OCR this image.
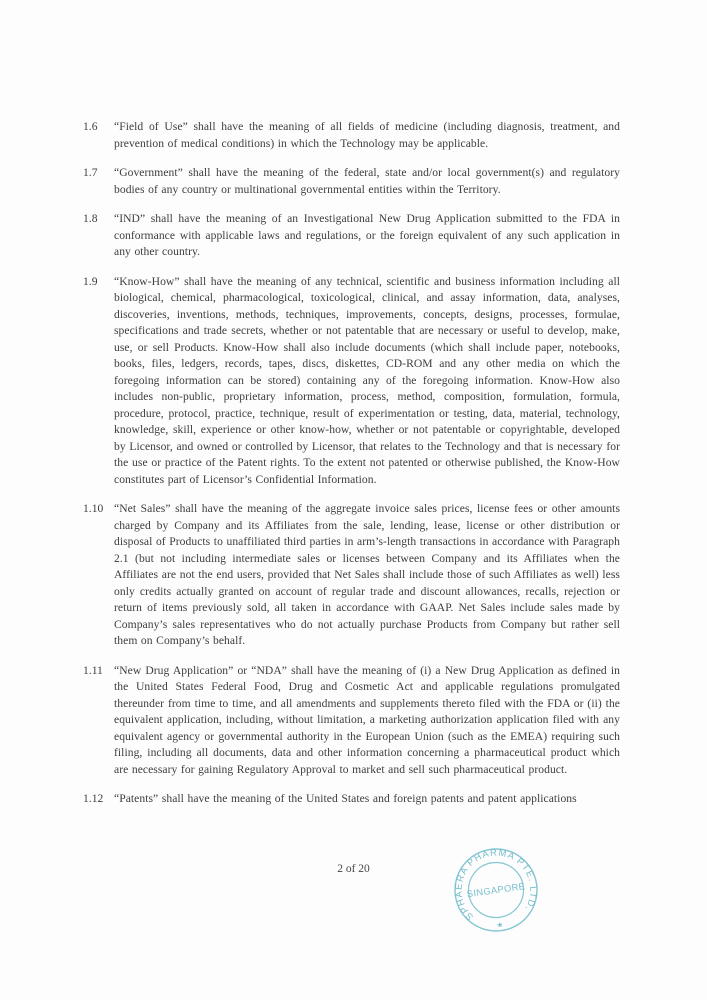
1.6	“Field of Use” shall have the meaning of all fields of medicine (including diagnosis, treatment, and prevention of medical conditions) in which the Technology may be applicable.
1.7	“Government” shall have the meaning of the federal, state and/or local government(s) and regulatory bodies of any country or multinational governmental entities within the Territory.
1.8	“IND” shall have the meaning of an Investigational New Drug Application submitted to the FDA in conformance with applicable laws and regulations, or the foreign equivalent of any such application in any other country.
1.9	“Know-How” shall have the meaning of any technical, scientific and business information including all biological, chemical, pharmacological, toxicological, clinical, and assay information, data, analyses, discoveries, inventions, methods, techniques, improvements, concepts, designs, processes, formulae, specifications and trade secrets, whether or not patentable that are necessary or useful to develop, make, use, or sell Products. Know-How shall also include documents (which shall include paper, notebooks, books, files, ledgers, records, tapes, discs, diskettes, CD-ROM and any other media on which the foregoing information can be stored) containing any of the foregoing information. Know-How also includes non-public, proprietary information, process, method, composition, formulation, formula, procedure, protocol, practice, technique, result of experimentation or testing, data, material, technology, knowledge, skill, experience or other know-how, whether or not patentable or copyrightable, developed by Licensor, and owned or controlled by Licensor, that relates to the Technology and that is necessary for the use or practice of the Patent rights. To the extent not patented or otherwise published, the Know-How constitutes part of Licensor’s Confidential Information.
1.10 “Net Sales” shall have the meaning of the aggregate invoice sales prices, license fees or other amounts charged by Company and its Affiliates from the sale, lending, lease, license or other distribution or disposal of Products to unaffiliated third parties in arm’s-length transactions in accordance with Paragraph 2.1 (but not including intermediate sales or licenses between Company and its Affiliates when the Affiliates are not the end users, provided that Net Sales shall include those of such Affiliates as well) less only credits actually granted on account of regular trade and discount allowances, recalls, rejection or return of items previously sold, all taken in accordance with GAAP. Net Sales include sales made by Company’s sales representatives who do not actually purchase Products from Company but rather sell them on Company’s behalf.
1.11 “New Drug Application” or “NDA” shall have the meaning of (i) a New Drug Application as defined in the United States Federal Food, Drug and Cosmetic Act and applicable regulations promulgated thereunder from time to time, and all amendments and supplements thereto filed with the FDA or (ii) the equivalent application, including, without limitation, a marketing authorization application filed with any equivalent agency or governmental authority in the European Union (such as the EMEA) requiring such filing, including all documents, data and other information concerning a pharmaceutical product which are necessary for gaining Regulatory Approval to market and sell such pharmaceutical product.
1.12 “Patents” shall have the meaning of the United States and foreign patents and patent applications
2 of 20
SPHAERA PHARMA PTE. LTD.
SINGAPORE
★
